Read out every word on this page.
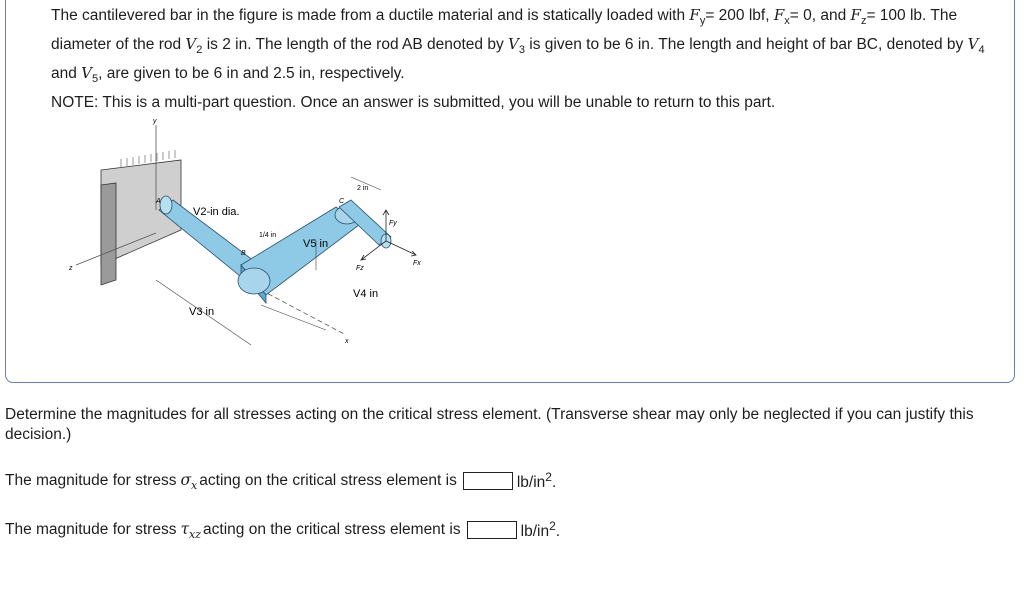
The cantilevered bar in the figure is made from a ductile material and is statically loaded with $F_y= 200$ lbf, $F_x= 0$, and $F_z= 100$ lb. The diameter of the rod $V_2$ is 2 in. The length of the rod AB denoted by $V_3$ is given to be 6 in. The length and height of bar BC, denoted by $V_4$ and $V_5$, are given to be 6 in and 2.5 in, respectively.

NOTE: This is a multi-part question. Once an answer is submitted, you will be unable to return to this part.

y
z
x
A
B
C
V2-in dia.
1/4 in
V5 in
V4 in
V3 in
2 in
Fy
Fz
Fx
Determine the magnitudes for all stresses acting on the critical stress element. (Transverse shear may only be neglected if you can justify this decision.)
The magnitude for stress $\sigma_x$ acting on the critical stress element is	$lb/in^2$.
The magnitude for stress $\tau_{xz}$ acting on the critical stress element is	$lb/in^2$.
